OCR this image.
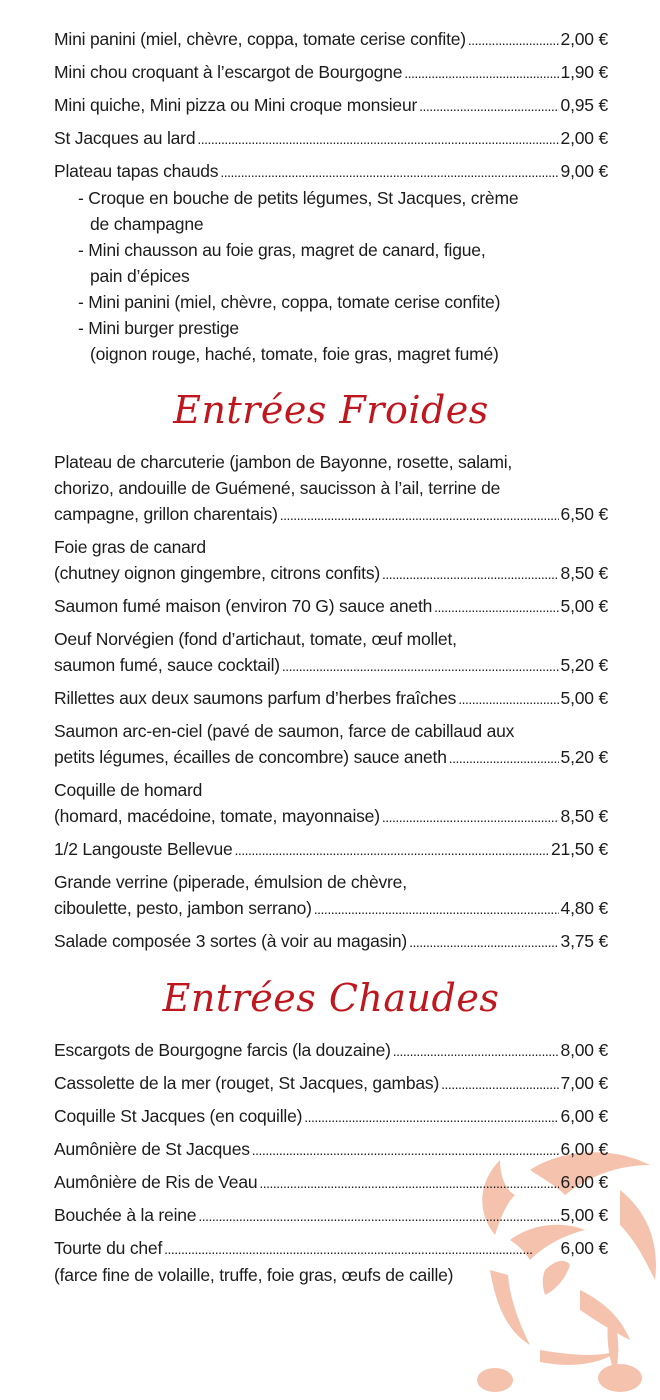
Mini panini (miel, chèvre, coppa, tomate cerise confite) . . .	2,00 €
Mini chou croquant à l’escargot de Bourgogne . . .	1,90 €
Mini quiche, Mini pizza ou Mini croque monsieur . . .	0,95 €
St Jacques au lard . . .	2,00 €
Plateau tapas chauds . . .	9,00 €
- Croque en bouche de petits légumes, St Jacques, crème
de champagne
- Mini chausson au foie gras, magret de canard, figue,
pain d’épices
- Mini panini (miel, chèvre, coppa, tomate cerise confite)
- Mini burger prestige
(oignon rouge, haché, tomate, foie gras, magret fumé)
Entrées Froides
Plateau de charcuterie (jambon de Bayonne, rosette, salami,
chorizo, andouille de Guémené, saucisson à l’ail, terrine de
campagne, grillon charentais) . . .	6,50 €
Foie gras de canard
(chutney oignon gingembre, citrons confits) . . .	8,50 €
Saumon fumé maison (environ 70 G) sauce aneth . . .	5,00 €
Oeuf Norvégien (fond d’artichaut, tomate, œuf mollet,
saumon fumé, sauce cocktail) . . .	5,20 €
Rillettes aux deux saumons parfum d’herbes fraîches . . .	5,00 €
Saumon arc-en-ciel (pavé de saumon, farce de cabillaud aux
petits légumes, écailles de concombre) sauce aneth . . .	5,20 €
Coquille de homard
(homard, macédoine, tomate, mayonnaise) . . .	8,50 €
1/2 Langouste Bellevue . . .	21,50 €
Grande verrine (piperade, émulsion de chèvre,
ciboulette, pesto, jambon serrano) . . .	4,80 €
Salade composée 3 sortes (à voir au magasin) . . .	3,75 €
Entrées Chaudes
Escargots de Bourgogne farcis (la douzaine) . . .	8,00 €
Cassolette de la mer (rouget, St Jacques, gambas) . . .	7,00 €
Coquille St Jacques (en coquille) . . .	6,00 €
Aumônière de St Jacques . . .	6,00 €
Aumônière de Ris de Veau . . .	6.00 €
Bouchée à la reine . . .	5,00 €
Tourte du chef . . .	6,00 €
(farce fine de volaille, truffe, foie gras, œufs de caille)
